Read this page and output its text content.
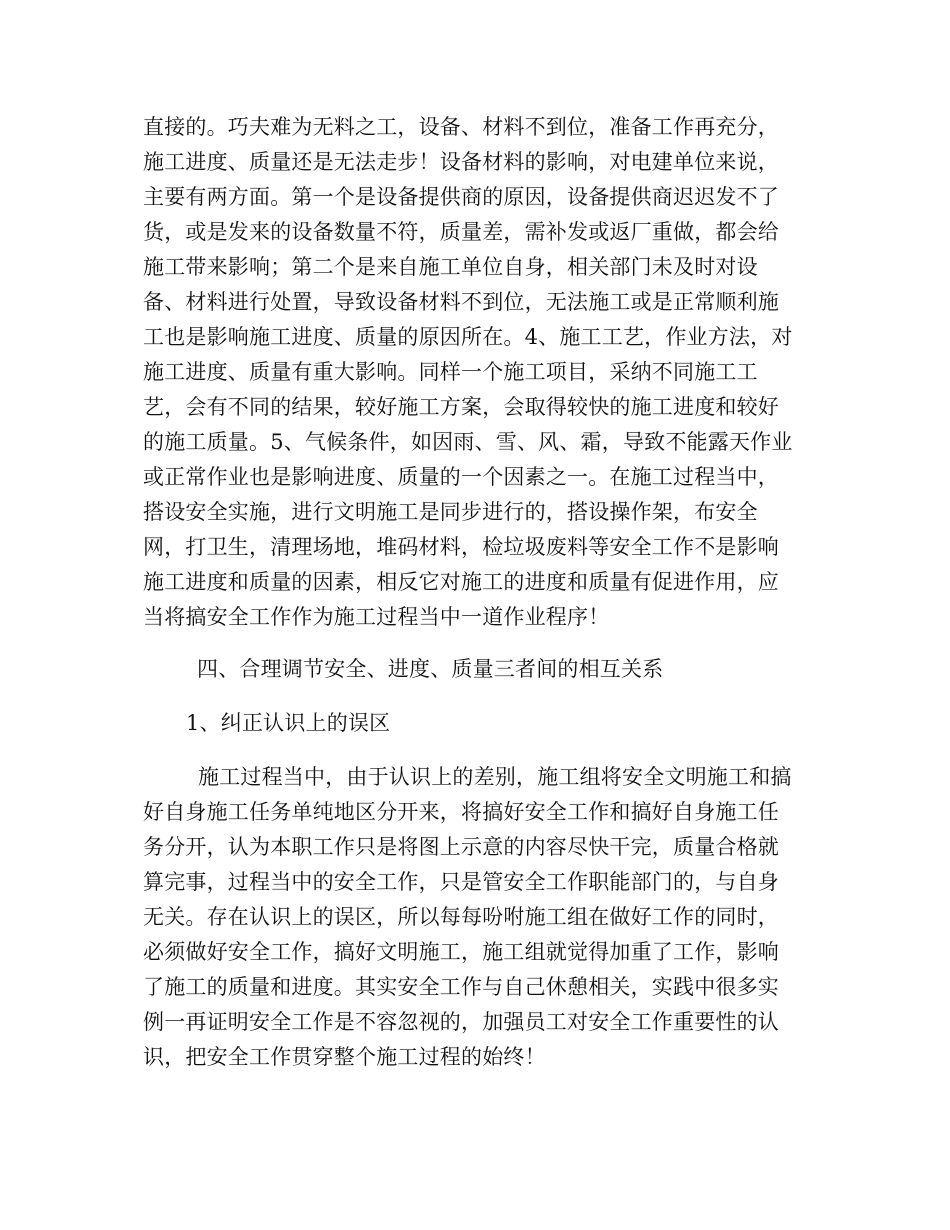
直接的。巧夫难为无料之工，设备、材料不到位，准备工作再充分，
施工进度、质量还是无法走步！设备材料的影响，对电建单位来说，
主要有两方面。第一个是设备提供商的原因，设备提供商迟迟发不了
货，或是发来的设备数量不符，质量差，需补发或返厂重做，都会给
施工带来影响；第二个是来自施工单位自身，相关部门未及时对设
备、材料进行处置，导致设备材料不到位，无法施工或是正常顺利施
工也是影响施工进度、质量的原因所在。4、施工工艺，作业方法，对
施工进度、质量有重大影响。同样一个施工项目，采纳不同施工工
艺，会有不同的结果，较好施工方案，会取得较快的施工进度和较好
的施工质量。5、气候条件，如因雨、雪、风、霜，导致不能露天作业
或正常作业也是影响进度、质量的一个因素之一。在施工过程当中，
搭设安全实施，进行文明施工是同步进行的，搭设操作架，布安全
网，打卫生，清理场地，堆码材料，检垃圾废料等安全工作不是影响
施工进度和质量的因素，相反它对施工的进度和质量有促进作用，应
当将搞安全工作作为施工过程当中一道作业程序！
四、合理调节安全、进度、质量三者间的相互关系
1、纠正认识上的误区
施工过程当中，由于认识上的差别，施工组将安全文明施工和搞
好自身施工任务单纯地区分开来，将搞好安全工作和搞好自身施工任
务分开，认为本职工作只是将图上示意的内容尽快干完，质量合格就
算完事，过程当中的安全工作，只是管安全工作职能部门的，与自身
无关。存在认识上的误区，所以每每吩咐施工组在做好工作的同时，
必须做好安全工作，搞好文明施工，施工组就觉得加重了工作，影响
了施工的质量和进度。其实安全工作与自己休憩相关，实践中很多实
例一再证明安全工作是不容忽视的，加强员工对安全工作重要性的认
识，把安全工作贯穿整个施工过程的始终！
